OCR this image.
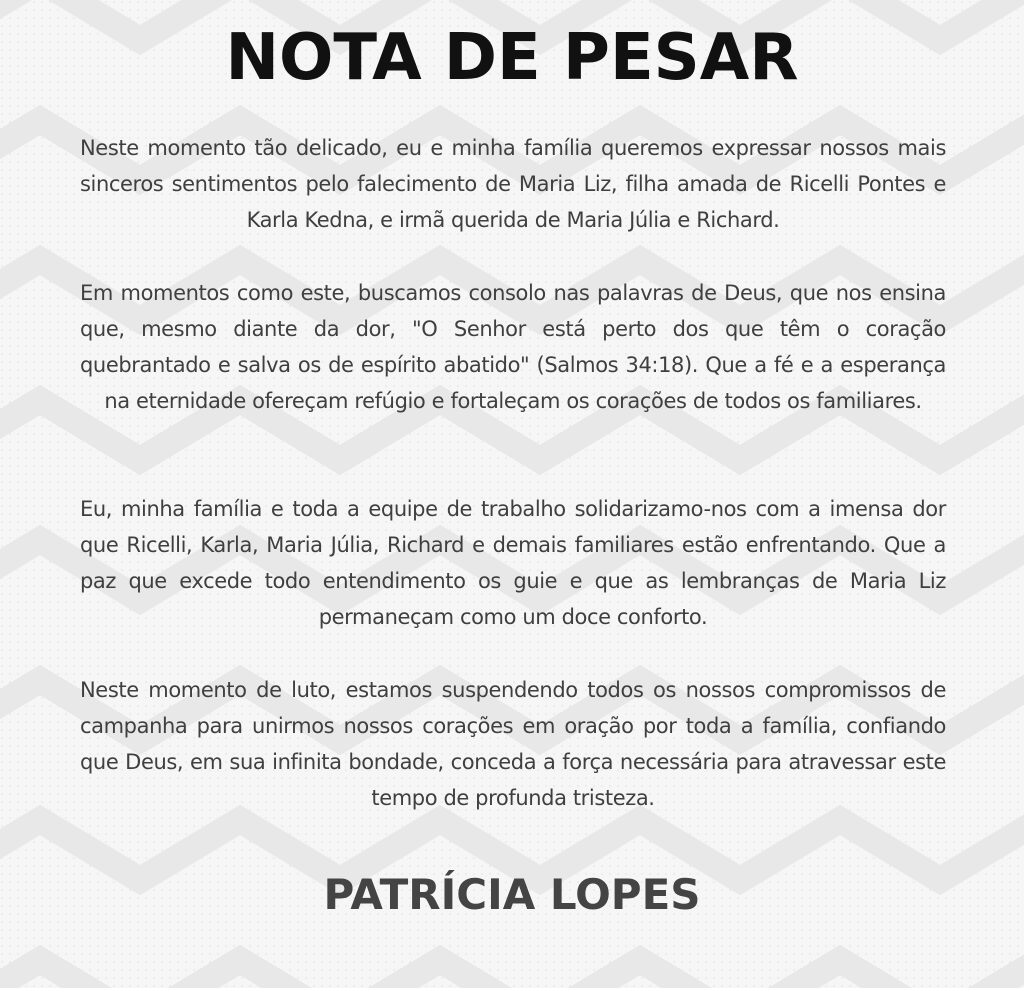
NOTA DE PESAR

Neste momento tão delicado, eu e minha família queremos expressar nossos mais sinceros sentimentos pelo falecimento de Maria Liz, filha amada de Ricelli Pontes e Karla Kedna, e irmã querida de Maria Júlia e Richard.

Em momentos como este, buscamos consolo nas palavras de Deus, que nos ensina que, mesmo diante da dor, "O Senhor está perto dos que têm o coração quebrantado e salva os de espírito abatido" (Salmos 34:18). Que a fé e a esperança na eternidade ofereçam refúgio e fortaleçam os corações de todos os familiares.

Eu, minha família e toda a equipe de trabalho solidarizamo-nos com a imensa dor que Ricelli, Karla, Maria Júlia, Richard e demais familiares estão enfrentando. Que a paz que excede todo entendimento os guie e que as lembranças de Maria Liz permaneçam como um doce conforto.

Neste momento de luto, estamos suspendendo todos os nossos compromissos de campanha para unirmos nossos corações em oração por toda a família, confiando que Deus, em sua infinita bondade, conceda a força necessária para atravessar este tempo de profunda tristeza.

PATRÍCIA LOPES
